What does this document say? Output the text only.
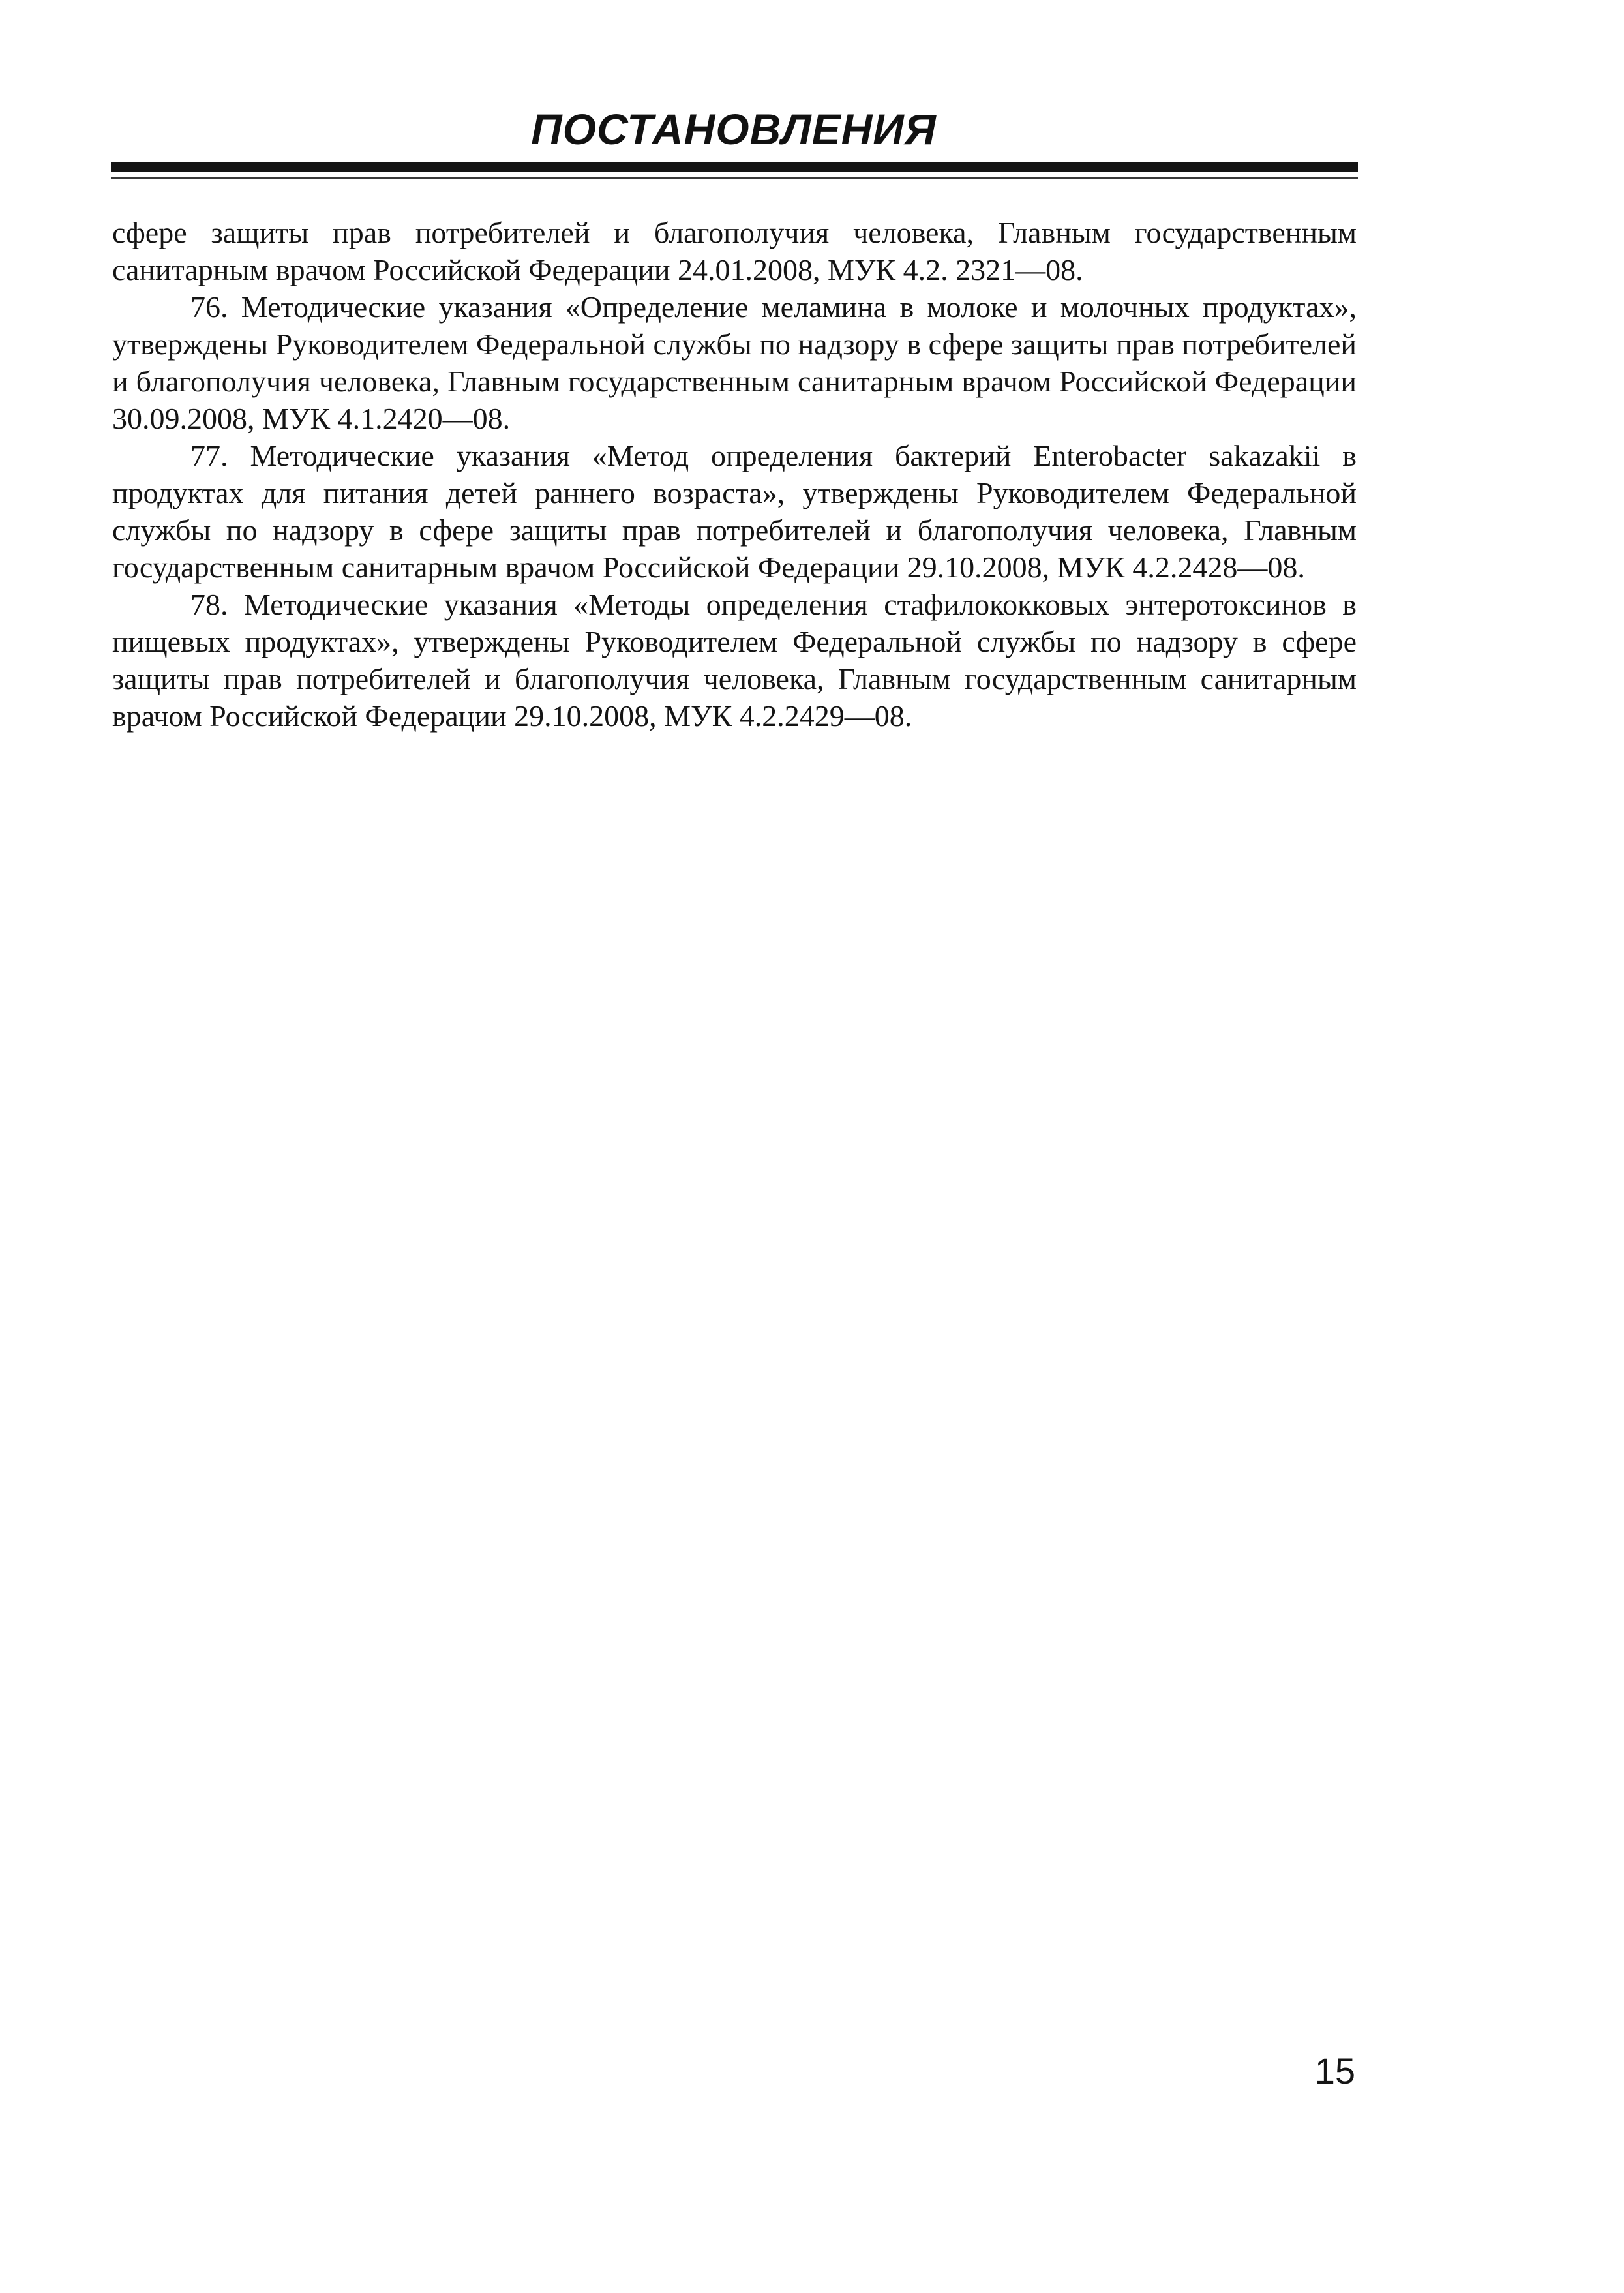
ПОСТАНОВЛЕНИЯ

сфере защиты прав потребителей и благополучия человека, Главным государственным санитарным врачом Российской Федерации 24.01.2008, МУК 4.2. 2321—08.

76. Методические указания «Определение меламина в молоке и молочных продуктах», утверждены Руководителем Федеральной службы по надзору в сфере защиты прав потребителей и благополучия человека, Главным государственным санитарным врачом Российской Федерации 30.09.2008, МУК 4.1.2420—08.

77. Методические указания «Метод определения бактерий Enterobacter sakazakii в продуктах для питания детей раннего возраста», утверждены Руководителем Федеральной службы по надзору в сфере защиты прав потребителей и благополучия человека, Главным государственным санитарным врачом Российской Федерации 29.10.2008, МУК 4.2.2428—08.

78. Методические указания «Методы определения стафилококковых энтеротоксинов в пищевых продуктах», утверждены Руководителем Федеральной службы по надзору в сфере защиты прав потребителей и благополучия человека, Главным государственным санитарным врачом Российской Федерации 29.10.2008, МУК 4.2.2429—08.

15
